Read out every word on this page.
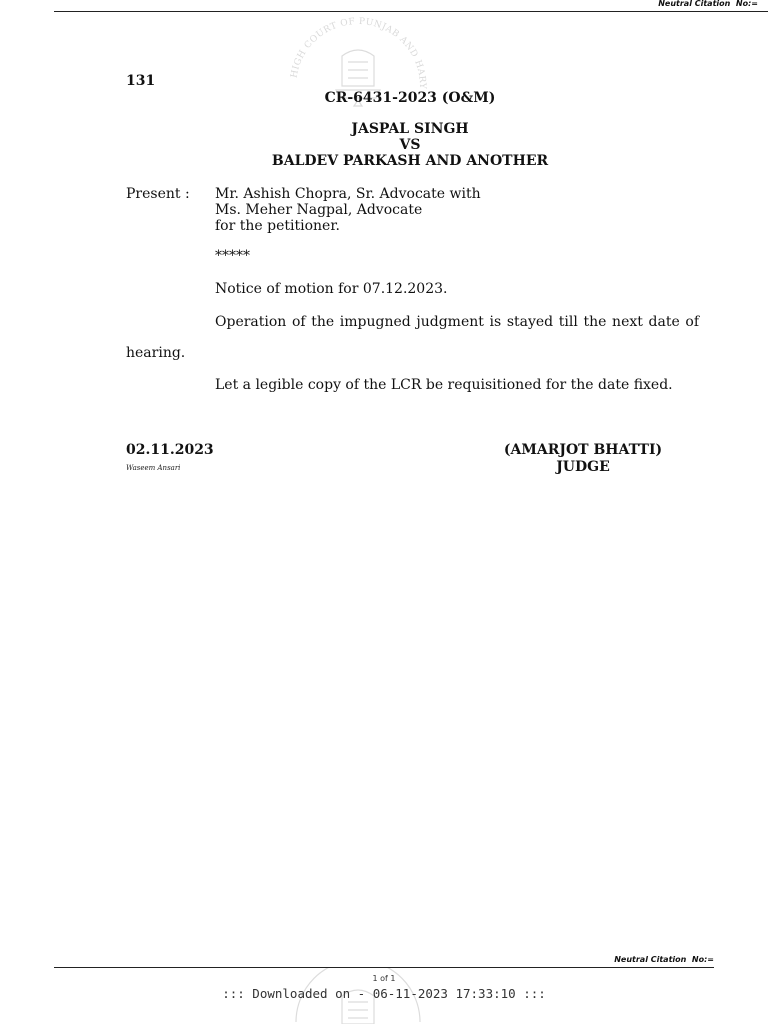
Neutral Citation  No:=
HIGH COURT OF PUNJAB AND HARY
131
CR-6431-2023 (O&M)
JASPAL SINGH
VS
BALDEV PARKASH AND ANOTHER
Present : Mr. Ashish Chopra, Sr. Advocate with
Ms. Meher Nagpal, Advocate
for the petitioner.
*****
Notice of motion for 07.12.2023.
Operation of the impugned judgment is stayed till the next date of
hearing.
Let a legible copy of the LCR be requisitioned for the date fixed.
02.11.2023
Waseem Ansari
(AMARJOT BHATTI)
JUDGE
Neutral Citation  No:=
1 of 1
::: Downloaded on - 06-11-2023 17:33:10 :::
